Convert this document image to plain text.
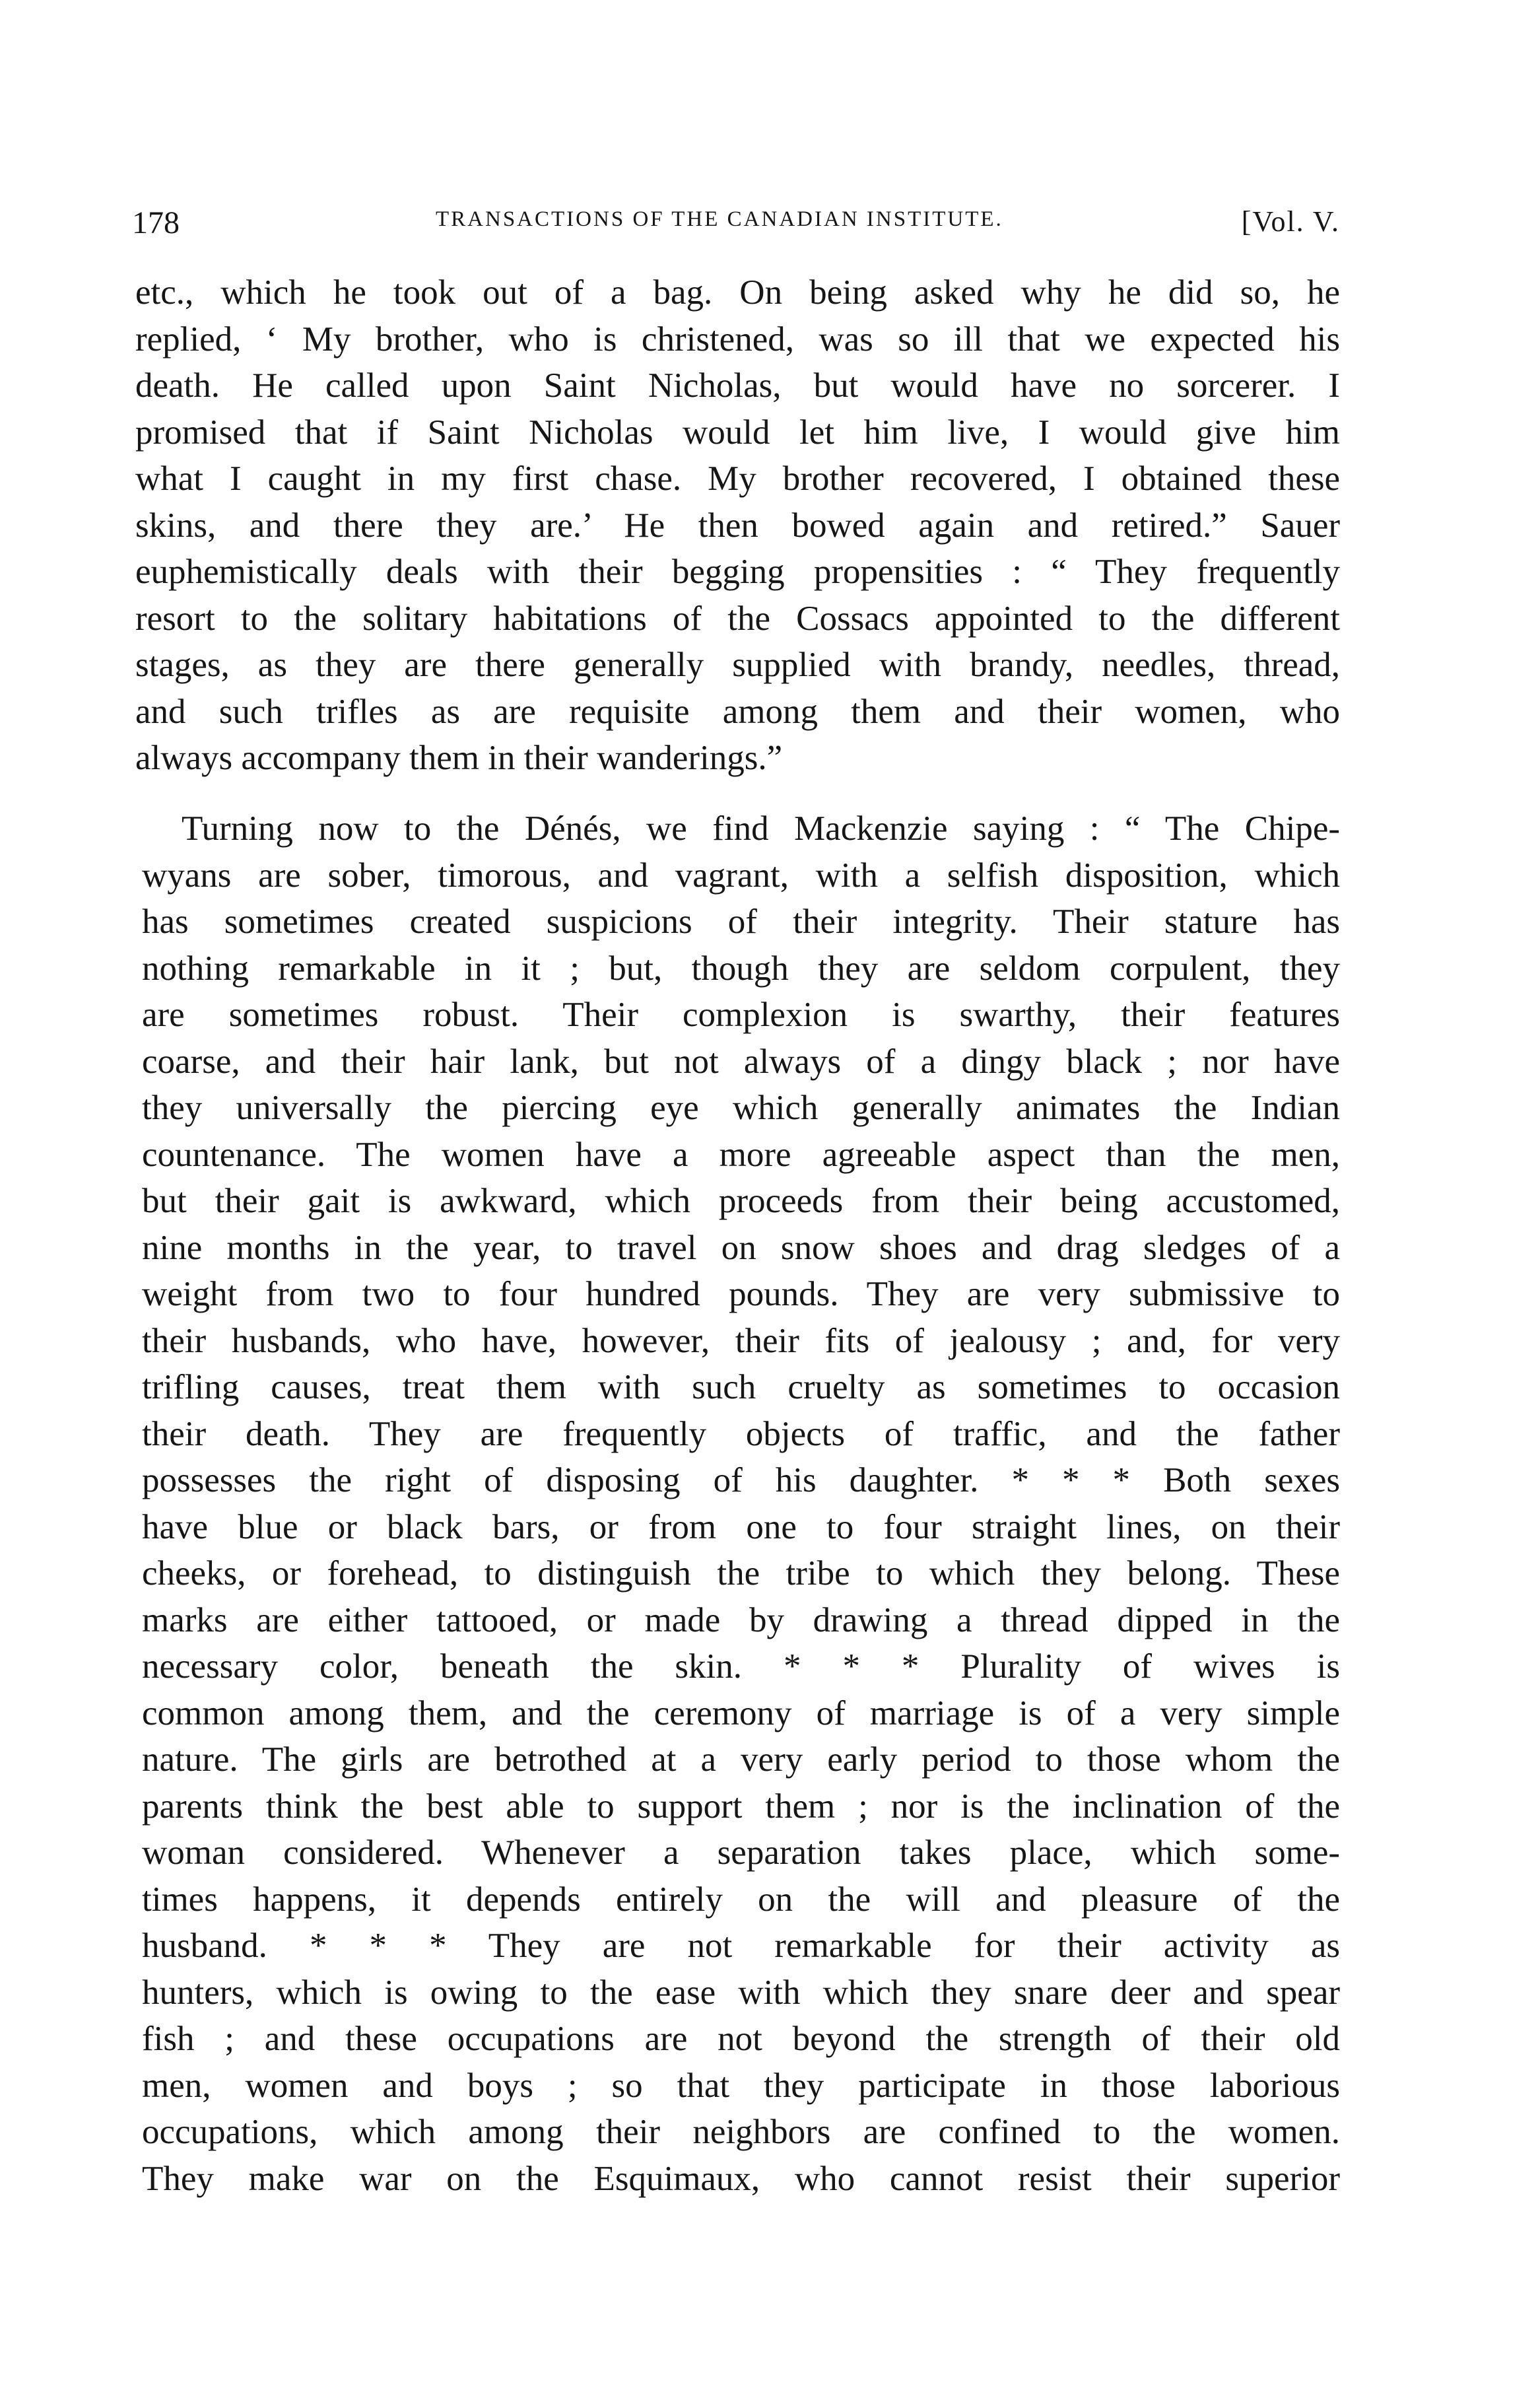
178	TRANSACTIONS OF THE CANADIAN INSTITUTE.	[Vol. V.
etc., which he took out of a bag. On being asked why he did so, he
replied, ‘ My brother, who is christened, was so ill that we expected his
death. He called upon Saint Nicholas, but would have no sorcerer. I
promised that if Saint Nicholas would let him live, I would give him
what I caught in my first chase. My brother recovered, I obtained these
skins, and there they are.’ He then bowed again and retired.” Sauer
euphemistically deals with their begging propensities : “ They frequently
resort to the solitary habitations of the Cossacs appointed to the different
stages, as they are there generally supplied with brandy, needles, thread,
and such trifles as are requisite among them and their women, who
always accompany them in their wanderings.”
Turning now to the Dénés, we find Mackenzie saying : “ The Chipe-
wyans are sober, timorous, and vagrant, with a selfish disposition, which
has sometimes created suspicions of their integrity. Their stature has
nothing remarkable in it ; but, though they are seldom corpulent, they
are sometimes robust. Their complexion is swarthy, their features
coarse, and their hair lank, but not always of a dingy black ; nor have
they universally the piercing eye which generally animates the Indian
countenance. The women have a more agreeable aspect than the men,
but their gait is awkward, which proceeds from their being accustomed,
nine months in the year, to travel on snow shoes and drag sledges of a
weight from two to four hundred pounds. They are very submissive to
their husbands, who have, however, their fits of jealousy ; and, for very
trifling causes, treat them with such cruelty as sometimes to occasion
their death. They are frequently objects of traffic, and the father
possesses the right of disposing of his daughter. * * * Both sexes
have blue or black bars, or from one to four straight lines, on their
cheeks, or forehead, to distinguish the tribe to which they belong. These
marks are either tattooed, or made by drawing a thread dipped in the
necessary color, beneath the skin. * * * Plurality of wives is
common among them, and the ceremony of marriage is of a very simple
nature. The girls are betrothed at a very early period to those whom the
parents think the best able to support them ; nor is the inclination of the
woman considered. Whenever a separation takes place, which some-
times happens, it depends entirely on the will and pleasure of the
husband. * * * They are not remarkable for their activity as
hunters, which is owing to the ease with which they snare deer and spear
fish ; and these occupations are not beyond the strength of their old
men, women and boys ; so that they participate in those laborious
occupations, which among their neighbors are confined to the women.
They make war on the Esquimaux, who cannot resist their superior
